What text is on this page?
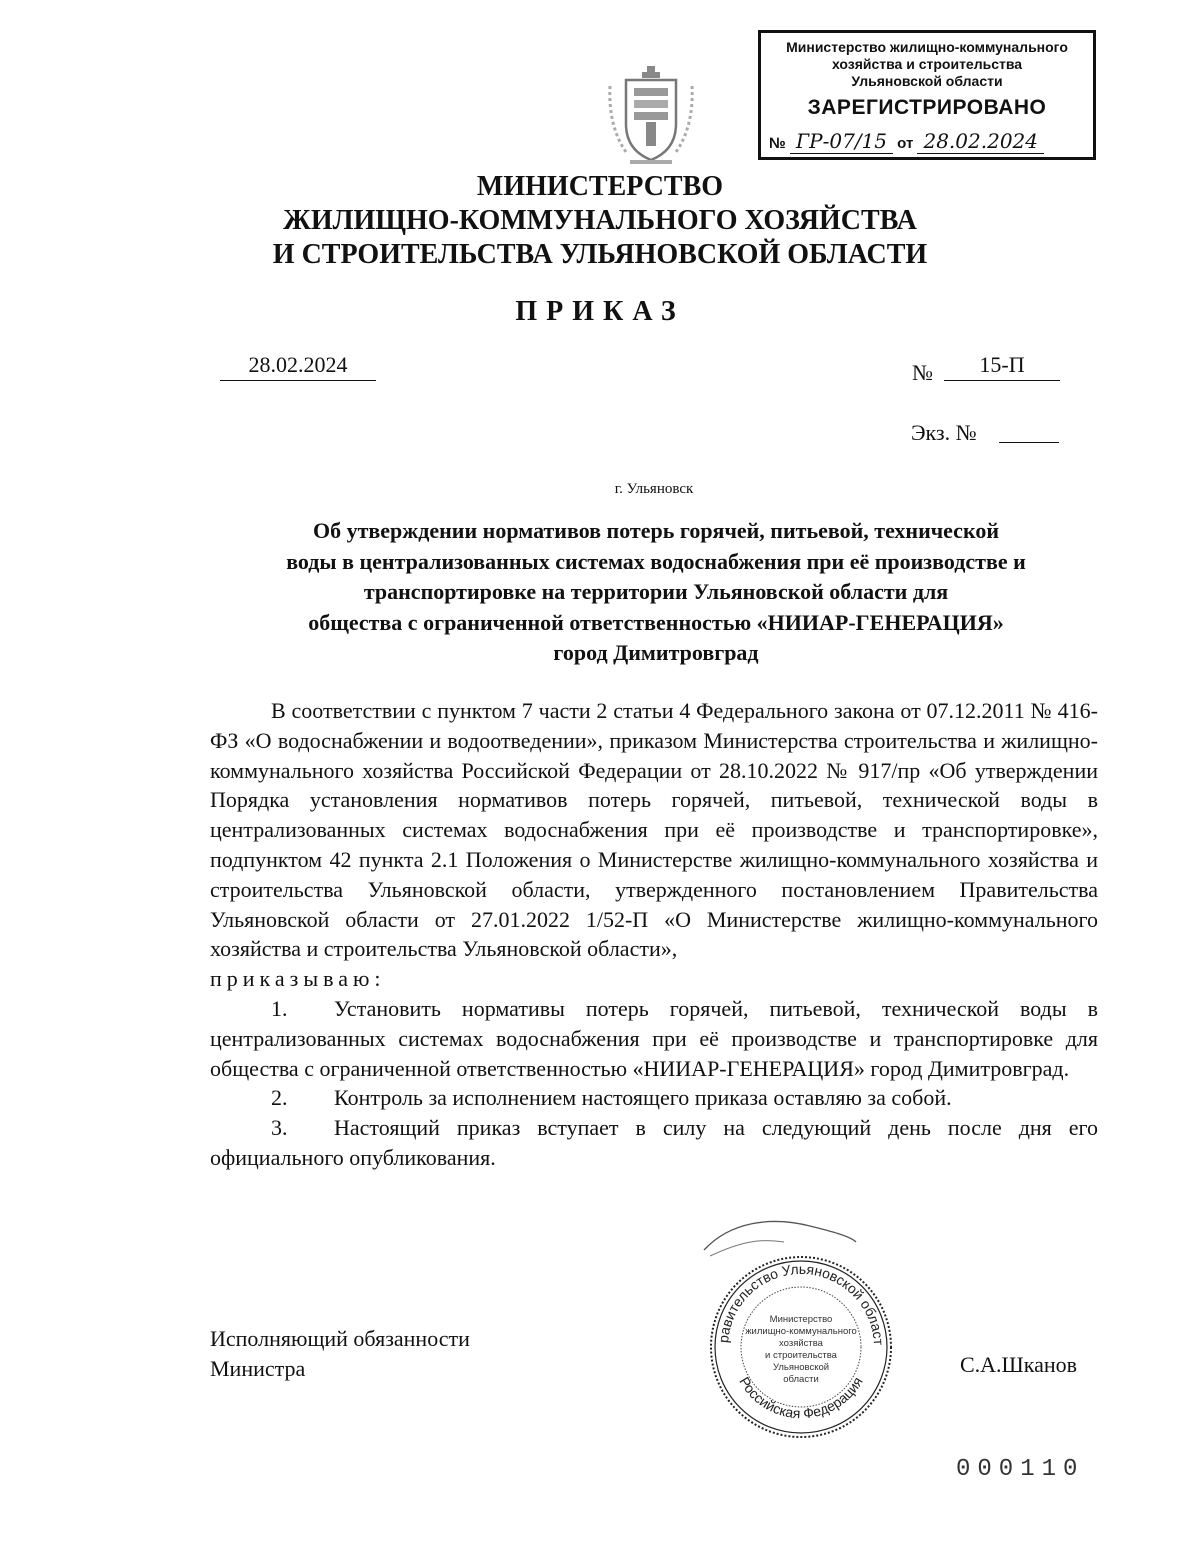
Министерство жилищно-коммунального
хозяйства и строительства
Ульяновской области
ЗАРЕГИСТРИРОВАНО
№ ГР-07/15 от 28.02.2024
МИНИСТЕРСТВО
ЖИЛИЩНО-КОММУНАЛЬНОГО ХОЗЯЙСТВА
И СТРОИТЕЛЬСТВА УЛЬЯНОВСКОЙ ОБЛАСТИ
ПРИКАЗ
28.02.2024	№	15-П
Экз. №
г. Ульяновск
Об утверждении нормативов потерь горячей, питьевой, технической
воды в централизованных системах водоснабжения при её производстве и
транспортировке на территории Ульяновской области для
общества с ограниченной ответственностью «НИИАР-ГЕНЕРАЦИЯ»
город Димитровград

В соответствии с пунктом 7 части 2 статьи 4 Федерального закона от 07.12.2011 № 416-ФЗ «О водоснабжении и водоотведении», приказом Министерства строительства и жилищно-коммунального хозяйства Российской Федерации от 28.10.2022 № 917/пр «Об утверждении Порядка установления нормативов потерь горячей, питьевой, технической воды в централизованных системах водоснабжения при её производстве и транспортировке», подпунктом 42 пункта 2.1 Положения о Министерстве жилищно-коммунального хозяйства и строительства Ульяновской области, утвержденного постановлением Правительства Ульяновской области от 27.01.2022 1/52-П «О Министерстве жилищно-коммунального хозяйства и строительства Ульяновской области»,

приказываю:

1. Установить нормативы потерь горячей, питьевой, технической воды в централизованных системах водоснабжения при её производстве и транспортировке для общества с ограниченной ответственностью «НИИАР-ГЕНЕРАЦИЯ» город Димитровград.

2. Контроль за исполнением настоящего приказа оставляю за собой.

3. Настоящий приказ вступает в силу на следующий день после дня его официального опубликования.

Исполняющий обязанности
Министра
равительство Ульяновской област
Российская Федерация
Министерство
жилищно-коммунального
хозяйства
и строительства
Ульяновской
области
С.А.Шканов
000110
